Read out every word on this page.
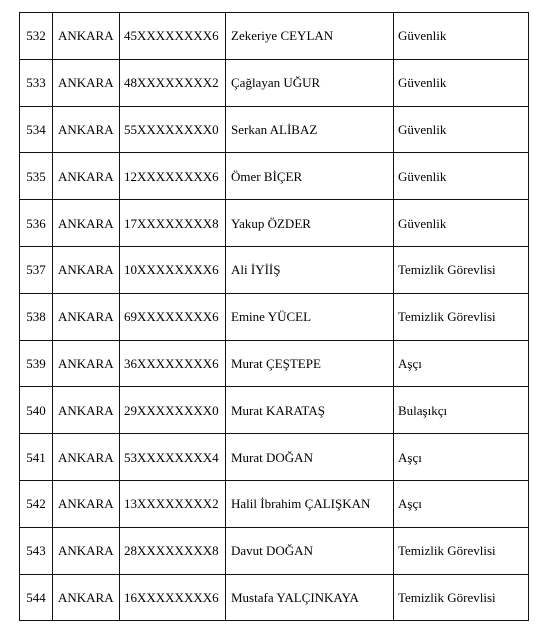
532	ANKARA	45XXXXXXXX6	Zekeriye CEYLAN	Güvenlik
533	ANKARA	48XXXXXXXX2	Çağlayan UĞUR	Güvenlik
534	ANKARA	55XXXXXXXX0	Serkan ALİBAZ	Güvenlik
535	ANKARA	12XXXXXXXX6	Ömer BİÇER	Güvenlik
536	ANKARA	17XXXXXXXX8	Yakup ÖZDER	Güvenlik
537	ANKARA	10XXXXXXXX6	Ali İYİİŞ	Temizlik Görevlisi
538	ANKARA	69XXXXXXXX6	Emine YÜCEL	Temizlik Görevlisi
539	ANKARA	36XXXXXXXX6	Murat ÇEŞTEPE	Aşçı
540	ANKARA	29XXXXXXXX0	Murat KARATAŞ	Bulaşıkçı
541	ANKARA	53XXXXXXXX4	Murat DOĞAN	Aşçı
542	ANKARA	13XXXXXXXX2	Halil İbrahim ÇALIŞKAN	Aşçı
543	ANKARA	28XXXXXXXX8	Davut DOĞAN	Temizlik Görevlisi
544	ANKARA	16XXXXXXXX6	Mustafa YALÇINKAYA	Temizlik Görevlisi
